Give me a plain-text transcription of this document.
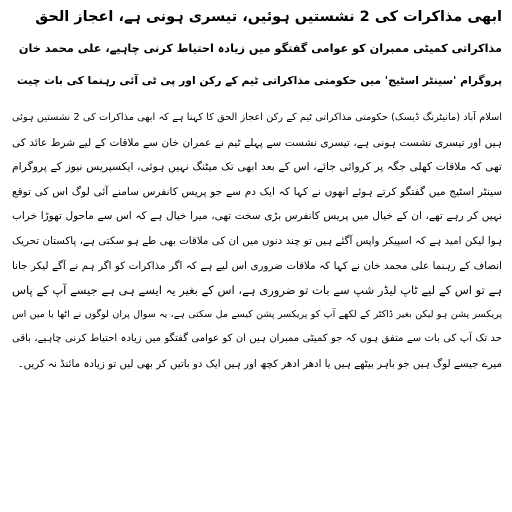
ابھی مذاکرات کی 2 نشستیں ہوئیں، تیسری ہونی ہے، اعجاز الحق
مذاکراتی کمیٹی ممبران کو عوامی گفتگو میں زیادہ احتیاط کرنی چاہیے، علی محمد خان
پروگرام 'سینٹر اسٹیج' میں حکومتی مذاکراتی ٹیم کے رکن اور پی ٹی آئی رہنما کی بات چیت
اسلام آباد (مانیٹرنگ ڈیسک) حکومتی مذاکراتی ٹیم کے رکن اعجاز الحق کا کہنا ہے کہ ابھی مذاکرات کی 2 نشستیں ہوئی
ہیں اور تیسری نشست ہونی ہے، تیسری نشست سے پہلے ٹیم نے عمران خان سے ملاقات کے لیے شرط عائد کی
تھی کہ ملاقات کھلی جگہ پر کروائی جائے، اس کے بعد ابھی تک میٹنگ نہیں ہوئی، ایکسپریس نیوز کے پروگرام
سینٹر اسٹیج میں گفتگو کرتے ہوئے انھوں نے کہا کہ ایک دم سے جو پریس کانفرس سامنے آئی لوگ اس کی توقع
نہیں کر رہے تھے، ان کے خیال میں پریس کانفرس بڑی سخت تھی، میرا خیال ہے کہ اس سے ماحول تھوڑا خراب
ہوا لیکن امید ہے کہ اسپیکر واپس آگئے ہیں تو چند دنوں میں ان کی ملاقات بھی طے ہو سکتی ہے، پاکستان تحریک
انصاف کے رہنما علی محمد خان نے کہا کہ ملاقات ضروری اس لیے ہے کہ اگر مذاکرات کو اگر ہم نے آگے لیکر جانا
ہے تو اس کے لیے ٹاپ لیڈر شپ سے بات تو ضروری ہے، اس کے بغیر یہ ایسے ہی ہے جیسے آپ کے پاس
پریکسر پشن ہو لیکن بغیر ڈاکٹر کے لکھے آپ کو پریکسر پشن کیسے مل سکتی ہے، یہ سوال پران لوگوں نے اٹھا یا میں اس
حد تک آپ کی بات سے متفق ہوں کہ جو کمیٹی ممبران ہیں ان کو عوامی گفتگو میں زیادہ احتیاط کرنی چاہیے، باقی
میرے جیسے لوگ ہیں جو باہر بیٹھے ہیں یا ادھر ادھر کچھ اور ہیں ایک دو باتیں کر بھی لیں تو زیادہ مائنڈ نہ کریں۔
